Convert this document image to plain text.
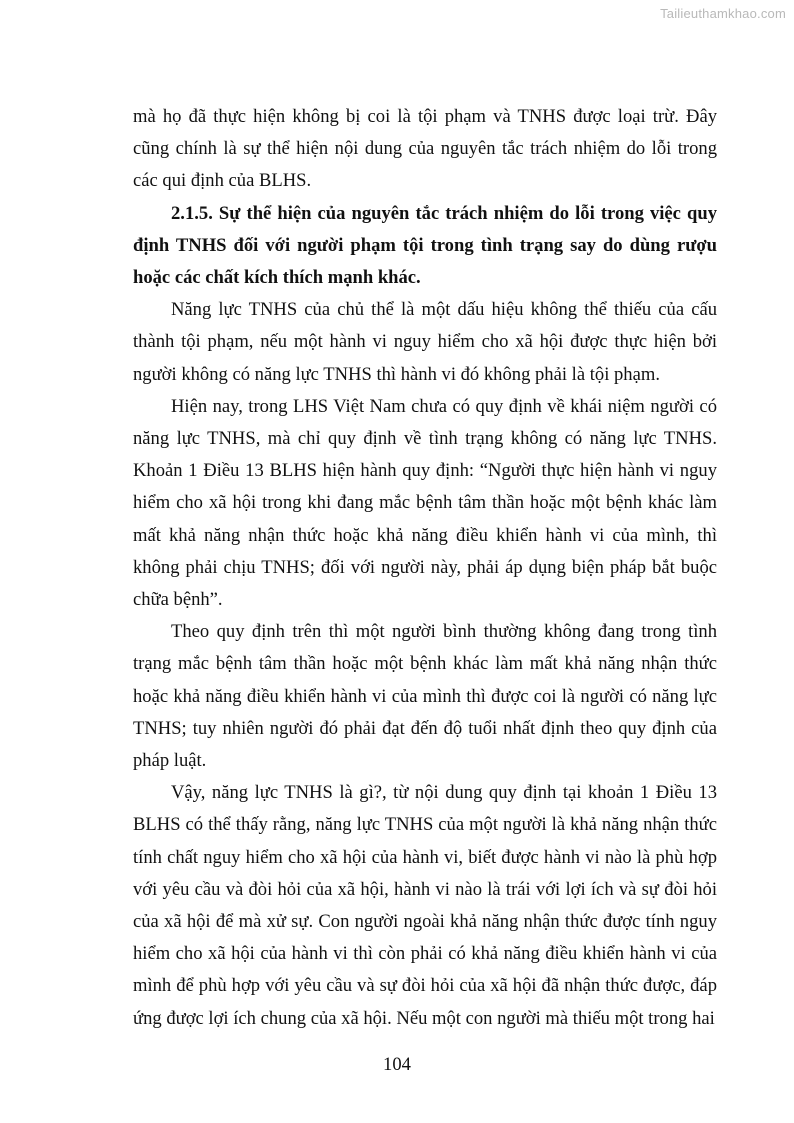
Tailieuthamkhao.com

mà họ đã thực hiện không bị coi là tội phạm và TNHS được loại trừ. Đây cũng chính là sự thể hiện nội dung của nguyên tắc trách nhiệm do lỗi trong các qui định của BLHS.

2.1.5. Sự thể hiện của nguyên tắc trách nhiệm do lỗi trong việc quy định TNHS đối với người phạm tội trong tình trạng say do dùng rượu hoặc các chất kích thích mạnh khác.

Năng lực TNHS của chủ thể là một dấu hiệu không thể thiếu của cấu thành tội phạm, nếu một hành vi nguy hiểm cho xã hội được thực hiện bởi người không có năng lực TNHS thì hành vi đó không phải là tội phạm.

Hiện nay, trong LHS Việt Nam chưa có quy định về khái niệm người có năng lực TNHS, mà chỉ quy định về tình trạng không có năng lực TNHS. Khoản 1 Điều 13 BLHS hiện hành quy định: “Người thực hiện hành vi nguy hiểm cho xã hội trong khi đang mắc bệnh tâm thần hoặc một bệnh khác làm mất khả năng nhận thức hoặc khả năng điều khiển hành vi của mình, thì không phải chịu TNHS; đối với người này, phải áp dụng biện pháp bắt buộc chữa bệnh”.

Theo quy định trên thì một người bình thường không đang trong tình trạng mắc bệnh tâm thần hoặc một bệnh khác làm mất khả năng nhận thức hoặc khả năng điều khiển hành vi của mình thì được coi là người có năng lực TNHS; tuy nhiên người đó phải đạt đến độ tuổi nhất định theo quy định của pháp luật.

Vậy, năng lực TNHS là gì?, từ nội dung quy định tại khoản 1 Điều 13 BLHS có thể thấy rằng, năng lực TNHS của một người là khả năng nhận thức tính chất nguy hiểm cho xã hội của hành vi, biết được hành vi nào là phù hợp với yêu cầu và đòi hỏi của xã hội, hành vi nào là trái với lợi ích và sự đòi hỏi của xã hội để mà xử sự. Con người ngoài khả năng nhận thức được tính nguy hiểm cho xã hội của hành vi thì còn phải có khả năng điều khiển hành vi của mình để phù hợp với yêu cầu và sự đòi hỏi của xã hội đã nhận thức được, đáp ứng được lợi ích chung của xã hội. Nếu một con người mà thiếu một trong hai

104
